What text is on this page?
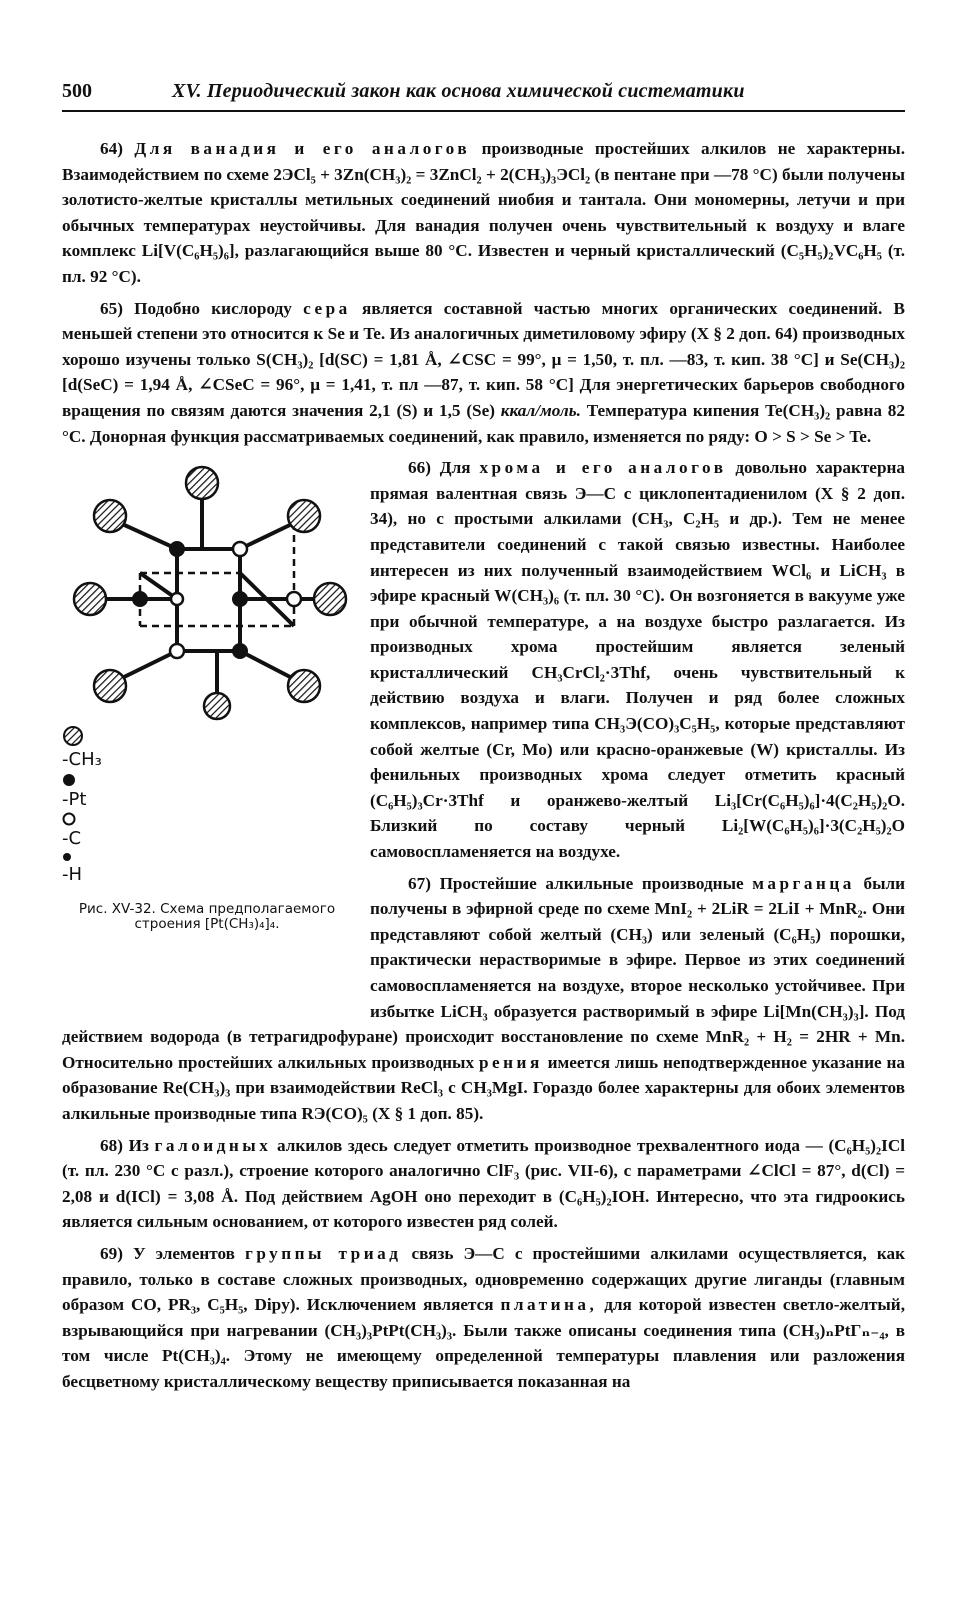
500	XV. Периодический закон как основа химической систематики

64) Для ванадия и его аналогов производные простейших алкилов не характерны. Взаимодействием по схеме 2ЭCl₅ + 3Zn(CH₃)₂ = 3ZnCl₂ + 2(CH₃)₃ЭCl₂ (в пентане при —78 °C) были получены золотисто-желтые кристаллы метильных соединений ниобия и тантала. Они мономерны, летучи и при обычных температурах неустойчивы. Для ванадия получен очень чувствительный к воздуху и влаге комплекс Li[V(C₆H₅)₆], разлагающийся выше 80 °C. Известен и черный кристаллический (C₅H₅)₂VC₆H₅ (т. пл. 92 °C).

65) Подобно кислороду сера является составной частью многих органических соединений. В меньшей степени это относится к Se и Te. Из аналогичных диметиловому эфиру (X § 2 доп. 64) производных хорошо изучены только S(CH₃)₂ [d(SC) = 1,81 Å, ∠CSC = 99°, μ = 1,50, т. пл. —83, т. кип. 38 °C] и Se(CH₃)₂ [d(SeC) = 1,94 Å, ∠CSeC = 96°, μ = 1,41, т. пл —87, т. кип. 58 °C] Для энергетических барьеров свободного вращения по связям даются значения 2,1 (S) и 1,5 (Se) ккал/моль. Температура кипения Te(CH₃)₂ равна 82 °C. Донорная функция рассматриваемых соединений, как правило, изменяется по ряду: O > S > Se > Te.

-CH₃
-Pt
-C
-H
Рис. XV-32. Схема предполагаемого строения [Pt(CH₃)₄]₄.

66) Для хрома и его аналогов довольно характерна прямая валентная связь Э—C с циклопентадиенилом (X § 2 доп. 34), но с простыми алкилами (CH₃, C₂H₅ и др.). Тем не менее представители соединений с такой связью известны. Наиболее интересен из них полученный взаимодействием WCl₆ и LiCH₃ в эфире красный W(CH₃)₆ (т. пл. 30 °C). Он возгоняется в вакууме уже при обычной температуре, а на воздухе быстро разлагается. Из производных хрома простейшим является зеленый кристаллический CH₃CrCl₂·3Thf, очень чувствительный к действию воздуха и влаги. Получен и ряд более сложных комплексов, например типа CH₃Э(CO)₃C₅H₅, которые представляют собой желтые (Cr, Mo) или красно-оранжевые (W) кристаллы. Из фенильных производных хрома следует отметить красный (C₆H₅)₃Cr·3Thf и оранжево-желтый Li₃[Cr(C₆H₅)₆]·4(C₂H₅)₂O. Близкий по составу черный Li₂[W(C₆H₅)₆]·3(C₂H₅)₂O самовоспламеняется на воздухе.

67) Простейшие алкильные производные марганца были получены в эфирной среде по схеме MnI₂ + 2LiR = 2LiI + MnR₂. Они представляют собой желтый (CH₃) или зеленый (C₆H₅) порошки, практически нерастворимые в эфире. Первое из этих соединений самовоспламеняется на воздухе, второе несколько устойчивее. При избытке LiCH₃ образуется растворимый в эфире Li[Mn(CH₃)₃]. Под действием водорода (в тетрагидрофуране) происходит восстановление по схеме MnR₂ + H₂ = 2HR + Mn. Относительно простейших алкильных производных рения имеется лишь неподтвержденное указание на образование Re(CH₃)₃ при взаимодействии ReCl₃ с CH₃MgI. Гораздо более характерны для обоих элементов алкильные производные типа RЭ(CO)₅ (X § 1 доп. 85).

68) Из галоидных алкилов здесь следует отметить производное трехвалентного иода — (C₆H₅)₂ICl (т. пл. 230 °C с разл.), строение которого аналогично ClF₃ (рис. VII-6), с параметрами ∠ClCl = 87°, d(Cl) = 2,08 и d(ICl) = 3,08 Å. Под действием AgOH оно переходит в (C₆H₅)₂IOH. Интересно, что эта гидроокись является сильным основанием, от которого известен ряд солей.

69) У элементов группы триад связь Э—C с простейшими алкилами осуществляется, как правило, только в составе сложных производных, одновременно содержащих другие лиганды (главным образом CO, PR₃, C₅H₅, Dipy). Исключением является платина, для которой известен светло-желтый, взрывающийся при нагревании (CH₃)₃PtPt(CH₃)₃. Были также описаны соединения типа (CH₃)ₙPtΓₙ₋₄, в том числе Pt(CH₃)₄. Этому не имеющему определенной температуры плавления или разложения бесцветному кристаллическому веществу приписывается показанная на
